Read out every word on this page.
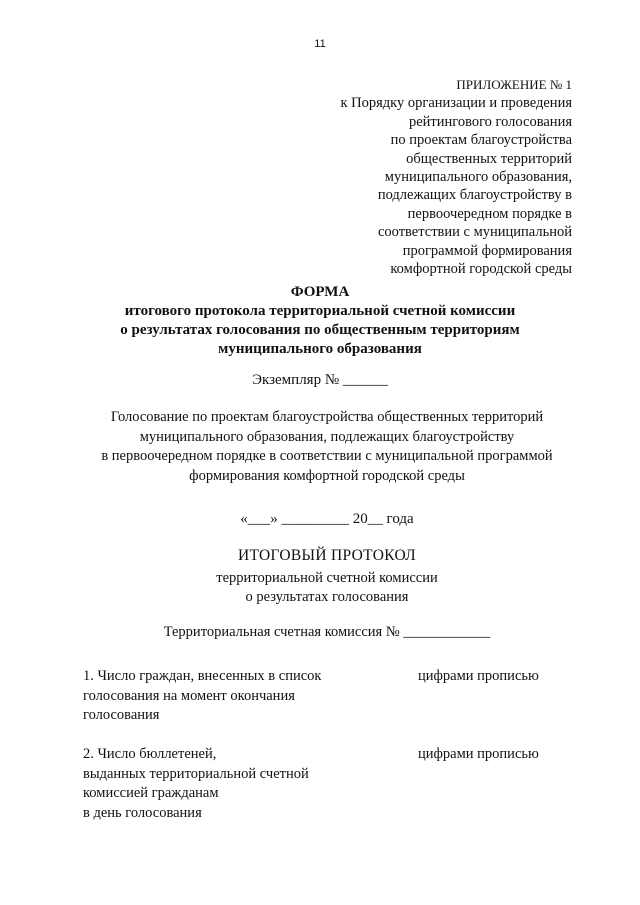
11
ПРИЛОЖЕНИЕ № 1
к Порядку организации и проведения
рейтингового голосования
по проектам благоустройства
общественных территорий
муниципального образования,
подлежащих благоустройству в
первоочередном порядке в
соответствии с муниципальной
программой формирования
комфортной городской среды
ФОРМА
итогового протокола территориальной счетной комиссии
о результатах голосования по общественным территориям
муниципального образования
Экземпляр № ______
Голосование по проектам благоустройства общественных территорий
муниципального образования, подлежащих благоустройству
в первоочередном порядке в соответствии с муниципальной программой
формирования комфортной городской среды
«___» _________ 20__ года
ИТОГОВЫЙ ПРОТОКОЛ
территориальной счетной комиссии
о результатах голосования
Территориальная счетная комиссия № ____________
1. Число граждан, внесенных в список
голосования на момент окончания
голосования
цифрами прописью
2. Число бюллетеней,
выданных территориальной счетной
комиссией гражданам
в день голосования
цифрами прописью
